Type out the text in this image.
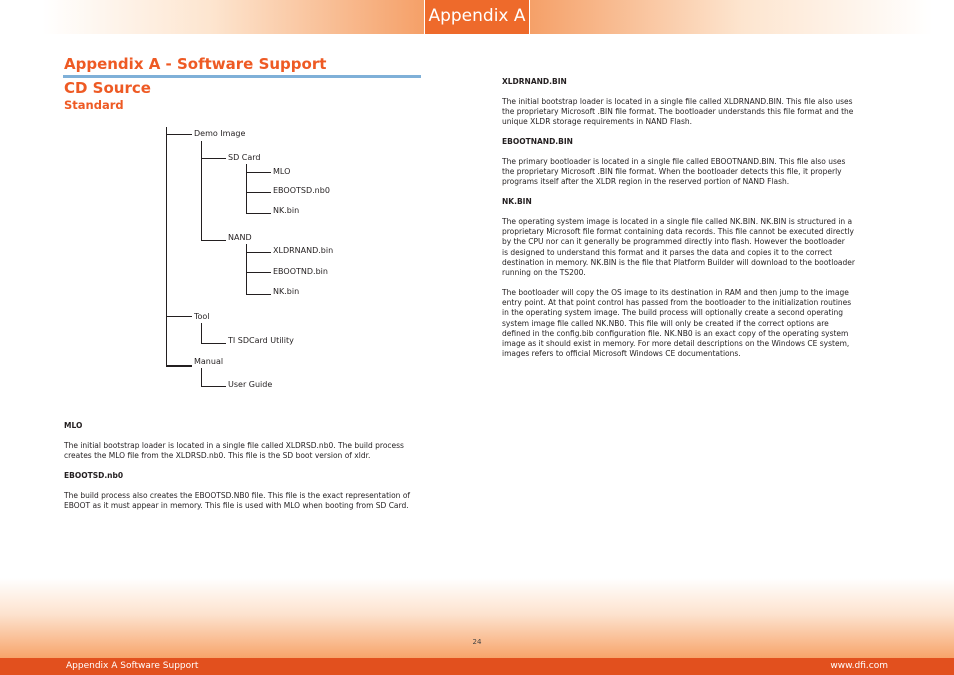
Appendix A
Appendix A - Software Support
CD Source
Standard
Demo Image
SD Card
MLO
EBOOTSD.nb0
NK.bin
NAND
XLDRNAND.bin
EBOOTND.bin
NK.bin
Tool
TI SDCard Utility
Manual
User Guide
MLO

The initial bootstrap loader is located in a single file called XLDRSD.nb0. The build process
creates the MLO file from the XLDRSD.nb0. This file is the SD boot version of xldr.

EBOOTSD.nb0

The build process also creates the EBOOTSD.NB0 file. This file is the exact representation of
EBOOT as it must appear in memory. This file is used with MLO when booting from SD Card.

XLDRNAND.BIN

The initial bootstrap loader is located in a single file called XLDRNAND.BIN. This file also uses
the proprietary Microsoft .BIN file format. The bootloader understands this file format and the
unique XLDR storage requirements in NAND Flash.

EBOOTNAND.BIN

The primary bootloader is located in a single file called EBOOTNAND.BIN. This file also uses
the proprietary Microsoft .BIN file format. When the bootloader detects this file, it properly
programs itself after the XLDR region in the reserved portion of NAND Flash.

NK.BIN

The operating system image is located in a single file called NK.BIN. NK.BIN is structured in a
proprietary Microsoft file format containing data records. This file cannot be executed directly
by the CPU nor can it generally be programmed directly into flash. However the bootloader
is designed to understand this format and it parses the data and copies it to the correct
destination in memory. NK.BIN is the file that Platform Builder will download to the bootloader
running on the TS200.

The bootloader will copy the OS image to its destination in RAM and then jump to the image
entry point. At that point control has passed from the bootloader to the initialization routines
in the operating system image. The build process will optionally create a second operating
system image file called NK.NB0. This file will only be created if the correct options are
defined in the config.bib configuration file. NK.NB0 is an exact copy of the operating system
image as it should exist in memory. For more detail descriptions on the Windows CE system,
images refers to official Microsoft Windows CE documentations.

24
Appendix A Software Support	www.dfi.com
